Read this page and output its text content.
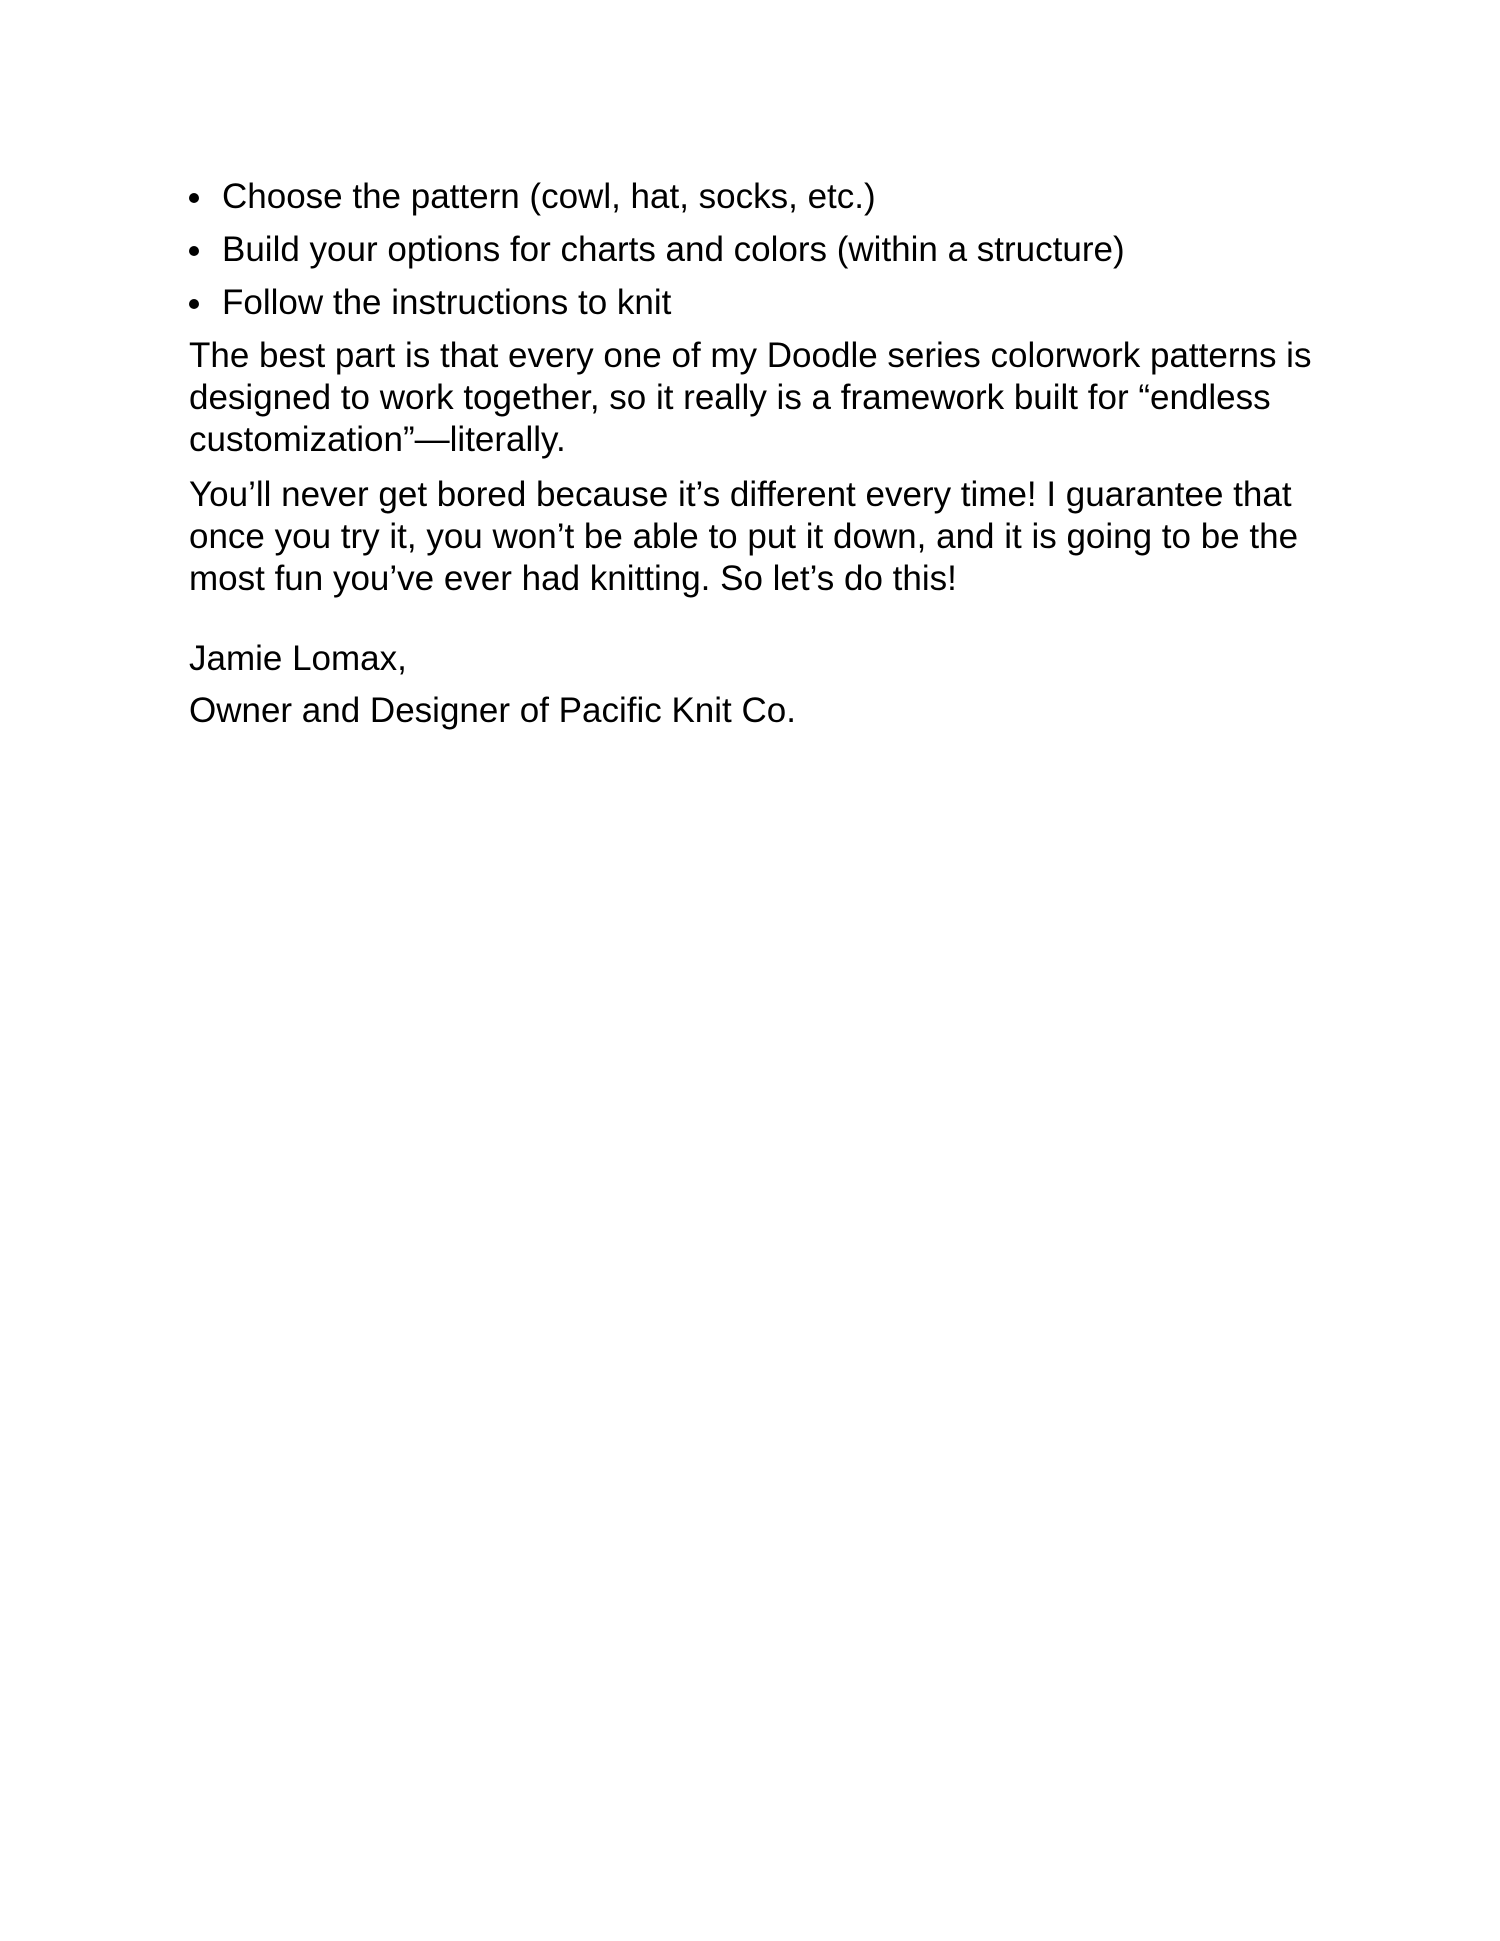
Choose the pattern (cowl, hat, socks, etc.)
Build your options for charts and colors (within a structure)
Follow the instructions to knit

The best part is that every one of my Doodle series colorwork patterns is designed to work together, so it really is a framework built for “endless customization”—literally.

You’ll never get bored because it’s different every time! I guarantee that once you try it, you won’t be able to put it down, and it is going to be the most fun you’ve ever had knitting. So let’s do this!

Jamie Lomax,

Owner and Designer of Pacific Knit Co.
